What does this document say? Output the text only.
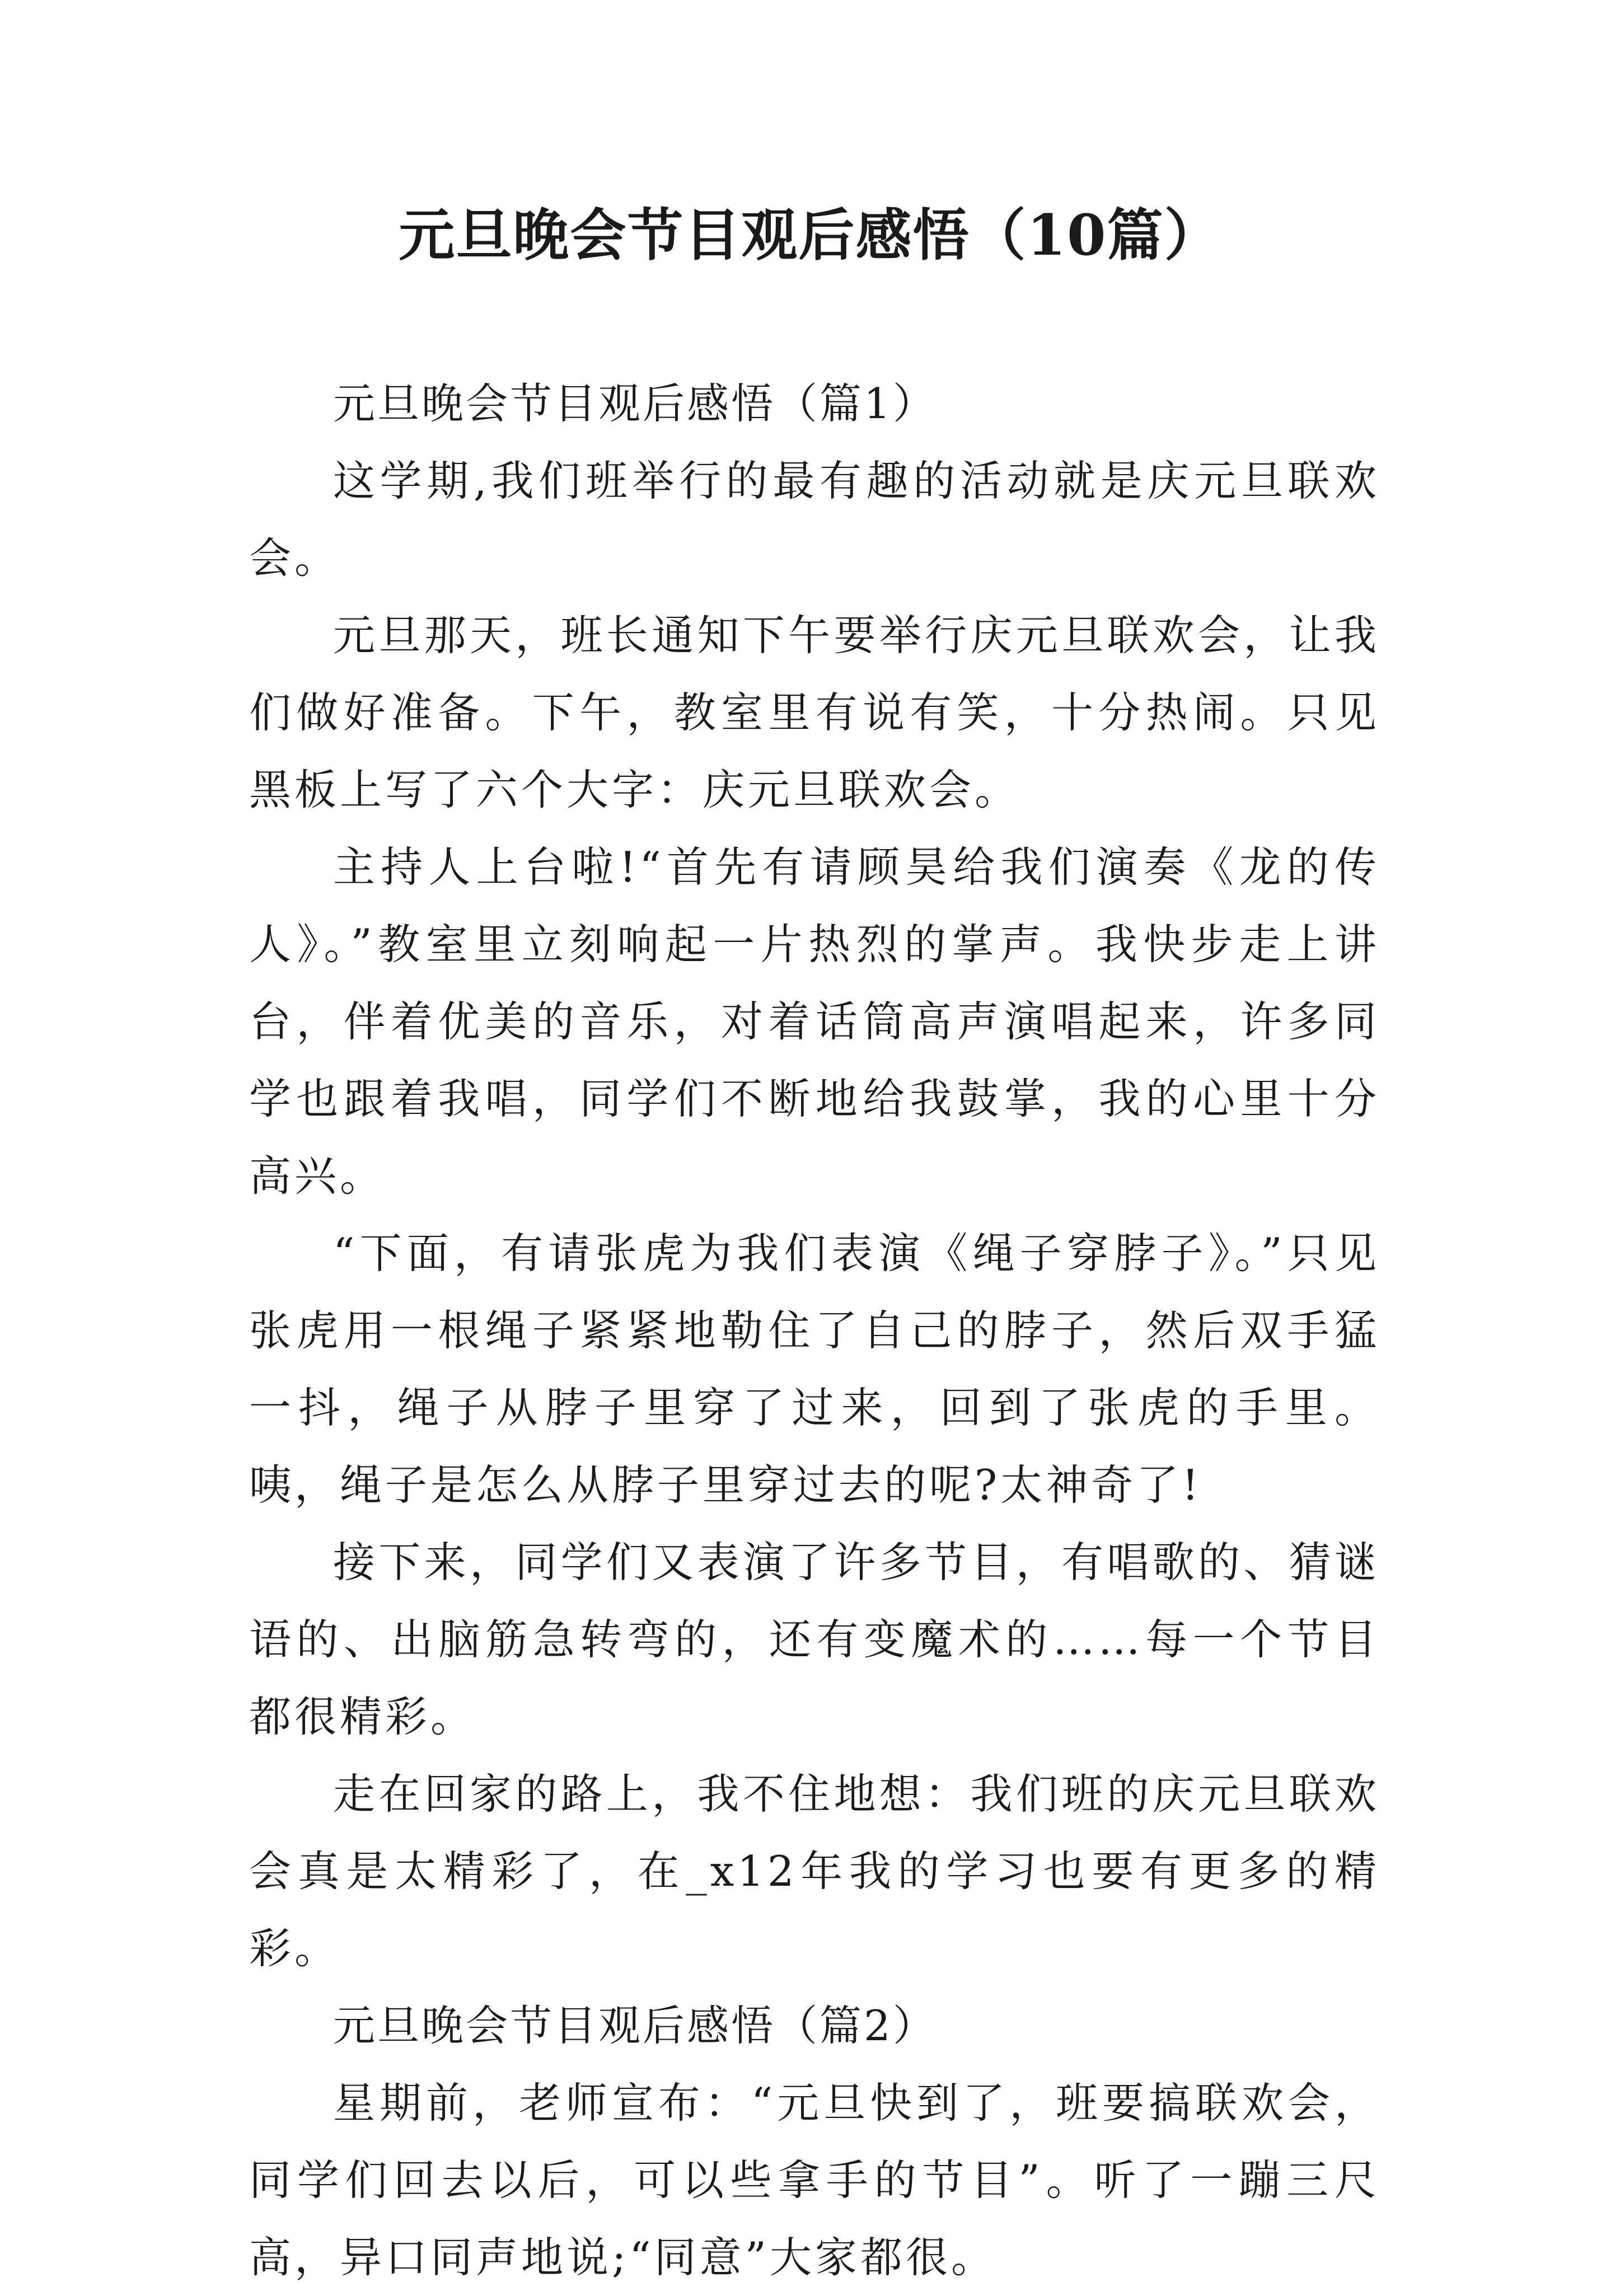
元旦晚会节目观后感悟（10篇）

元旦晚会节目观后感悟（篇1）

这学期,我们班举行的最有趣的活动就是庆元旦联欢会。

元旦那天，班长通知下午要举行庆元旦联欢会，让我们做好准备。下午，教室里有说有笑，十分热闹。只见黑板上写了六个大字：庆元旦联欢会。

主持人上台啦!“首先有请顾昊给我们演奏《龙的传人》。”教室里立刻响起一片热烈的掌声。我快步走上讲台，伴着优美的音乐，对着话筒高声演唱起来，许多同学也跟着我唱，同学们不断地给我鼓掌，我的心里十分高兴。

“下面，有请张虎为我们表演《绳子穿脖子》。”只见张虎用一根绳子紧紧地勒住了自己的脖子，然后双手猛一抖，绳子从脖子里穿了过来，回到了张虎的手里。咦，绳子是怎么从脖子里穿过去的呢?太神奇了!

接下来，同学们又表演了许多节目，有唱歌的、猜谜语的、出脑筋急转弯的，还有变魔术的……每一个节目都很精彩。

走在回家的路上，我不住地想：我们班的庆元旦联欢会真是太精彩了，在_x12年我的学习也要有更多的精彩。

元旦晚会节目观后感悟（篇2）

星期前，老师宣布：“元旦快到了，班要搞联欢会，同学们回去以后，可以些拿手的节目”。听了一蹦三尺高，异口同声地说;“同意”大家都很。
